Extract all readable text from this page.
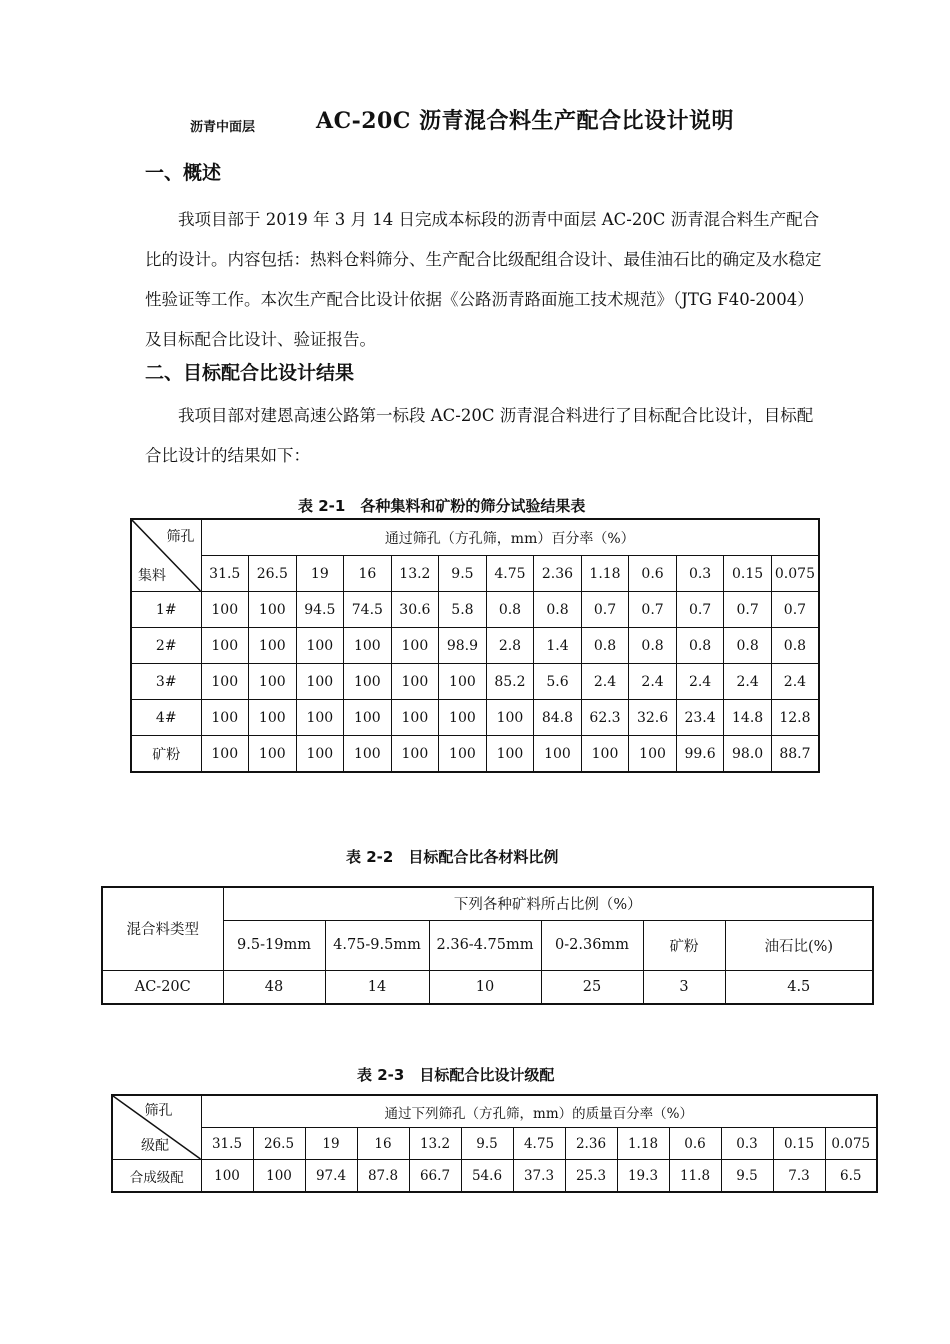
沥青中面层	AC-20C 沥青混合料生产配合比设计说明
一、概述
我项目部于 2019 年 3 月 14 日完成本标段的沥青中面层 AC-20C 沥青混合料生产配合比的设计。内容包括：热料仓料筛分、生产配合比级配组合设计、最佳油石比的确定及水稳定性验证等工作。本次生产配合比设计依据《公路沥青路面施工技术规范》（JTG F40-2004）及目标配合比设计、验证报告。
二、目标配合比设计结果
我项目部对建恩高速公路第一标段 AC-20C 沥青混合料进行了目标配合比设计，目标配合比设计的结果如下：
表 2-1　各种集料和矿粉的筛分试验结果表
筛孔
集料	通过筛孔（方孔筛，mm）百分率（%）												
	31.5	26.5	19	16	13.2	9.5	4.75	2.36	1.18	0.6	0.3	0.15	0.075
1#	100	100	94.5	74.5	30.6	5.8	0.8	0.8	0.7	0.7	0.7	0.7	0.7
2#	100	100	100	100	100	98.9	2.8	1.4	0.8	0.8	0.8	0.8	0.8
3#	100	100	100	100	100	100	85.2	5.6	2.4	2.4	2.4	2.4	2.4
4#	100	100	100	100	100	100	100	84.8	62.3	32.6	23.4	14.8	12.8
矿粉	100	100	100	100	100	100	100	100	100	100	99.6	98.0	88.7
表 2-2　目标配合比各材料比例
混合料类型	下列各种矿料所占比例（%）					
	9.5-19mm	4.75-9.5mm	2.36-4.75mm	0-2.36mm	矿粉	油石比(%)
AC-20C	48	14	10	25	3	4.5
表 2-3　目标配合比设计级配
筛孔
级配	通过下列筛孔（方孔筛，mm）的质量百分率（%）												
	31.5	26.5	19	16	13.2	9.5	4.75	2.36	1.18	0.6	0.3	0.15	0.075
合成级配	100	100	97.4	87.8	66.7	54.6	37.3	25.3	19.3	11.8	9.5	7.3	6.5
